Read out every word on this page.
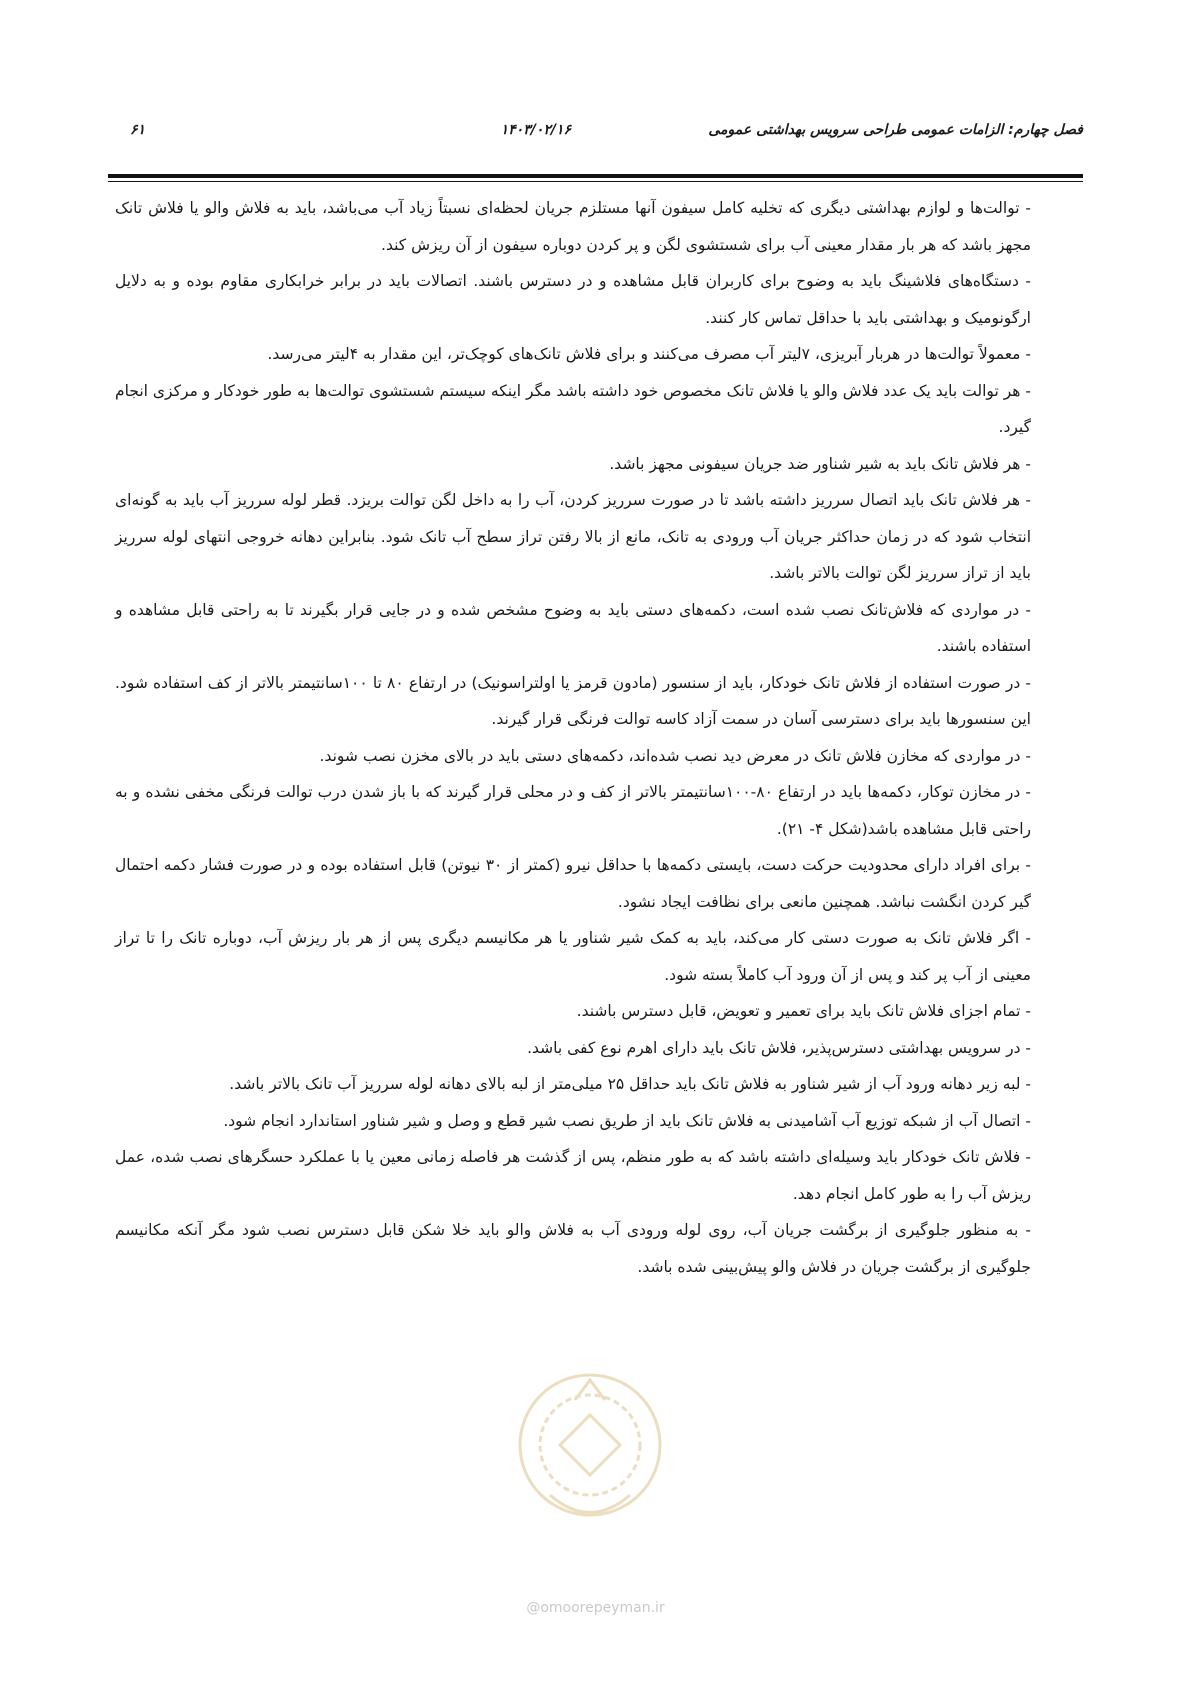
فصل چهارم: الزامات عمومی طراحی سرویس بهداشتی عمومی
۱۴۰۳/۰۲/۱۶
۶۱

- توالت‌ها و لوازم بهداشتی دیگری که تخلیه کامل سیفون آنها مستلزم جریان لحظه‌ای نسبتاً زیاد آب می‌باشد، باید به فلاش والو یا فلاش تانک مجهز باشد که هر بار مقدار معینی آب برای شستشوی لگن و پر کردن دوباره سیفون از آن ریزش کند.

- دستگاه‌های فلاشینگ باید به وضوح برای کاربران قابل مشاهده و در دسترس باشند. اتصالات باید در برابر خرابکاری مقاوم بوده و به دلایل ارگونومیک و بهداشتی باید با حداقل تماس کار کنند.

- معمولاً توالت‌ها در هربار آبریزی، ۷لیتر آب مصرف می‌کنند و برای فلاش تانک‌های کوچک‌تر، این مقدار به ۴لیتر می‌رسد.

- هر توالت باید یک عدد فلاش والو یا فلاش تانک مخصوص خود داشته باشد مگر اینکه سیستم شستشوی توالت‌ها به طور خودکار و مرکزی انجام گیرد.

- هر فلاش تانک باید به شیر شناور ضد جریان سیفونی مجهز باشد.

- هر فلاش تانک باید اتصال سرریز داشته باشد تا در صورت سرریز کردن، آب را به داخل لگن توالت بریزد. قطر لوله سرریز آب باید به گونه‌ای انتخاب شود که در زمان حداکثر جریان آب ورودی به تانک، مانع از بالا رفتن تراز سطح آب تانک شود. بنابراین دهانه خروجی انتهای لوله سرریز باید از تراز سرریز لگن توالت بالاتر باشد.

- در مواردی که فلاش‌تانک نصب شده است، دکمه‌های دستی باید به وضوح مشخص شده و در جایی قرار بگیرند تا به راحتی قابل مشاهده و استفاده باشند.

- در صورت استفاده از فلاش تانک خودکار، باید از سنسور (مادون قرمز یا اولتراسونیک) در ارتفاع ۸۰ تا ۱۰۰سانتیمتر بالاتر از کف استفاده شود. این سنسورها باید برای دسترسی آسان در سمت آزاد کاسه توالت فرنگی قرار گیرند.

- در مواردی که مخازن فلاش تانک در معرض دید نصب شده‌اند، دکمه‌های دستی باید در بالای مخزن نصب شوند.

- در مخازن توکار، دکمه‌ها باید در ارتفاع ۸۰-۱۰۰سانتیمتر بالاتر از کف و در محلی قرار گیرند که با باز شدن درب توالت فرنگی مخفی نشده و به راحتی قابل مشاهده باشد(شکل ۴- ۲۱).

- برای افراد دارای محدودیت حرکت دست، بایستی دکمه‌ها با حداقل نیرو (کمتر از ۳۰ نیوتن) قابل استفاده بوده و در صورت فشار دکمه احتمال گیر کردن انگشت نباشد. همچنین مانعی برای نظافت ایجاد نشود.

- اگر فلاش تانک به صورت دستی کار می‌کند، باید به کمک شیر شناور یا هر مکانیسم دیگری پس از هر بار ریزش آب، دوباره تانک را تا تراز معینی از آب پر کند و پس از آن ورود آب کاملاً بسته شود.

- تمام اجزای فلاش تانک باید برای تعمیر و تعویض، قابل دسترس باشند.

- در سرویس بهداشتی دسترس‌پذیر، فلاش تانک باید دارای اهرم نوع کفی باشد.

- لبه زیر دهانه ورود آب از شیر شناور به فلاش تانک باید حداقل ۲۵ میلی‌متر از لبه بالای دهانه لوله سرریز آب تانک بالاتر باشد.

- اتصال آب از شبکه توزیع آب آشامیدنی به فلاش تانک باید از طریق نصب شیر قطع و وصل و شیر شناور استاندارد انجام شود.

- فلاش تانک خودکار باید وسیله‌ای داشته باشد که به طور منظم، پس از گذشت هر فاصله زمانی معین یا با عملکرد حسگرهای نصب شده، عمل ریزش آب را به طور کامل انجام دهد.

- به منظور جلوگیری از برگشت جریان آب، روی لوله ورودی آب به فلاش والو باید خلا شکن قابل دسترس نصب شود مگر آنکه مکانیسم جلوگیری از برگشت جریان در فلاش والو پیش‌بینی شده باشد.

@omoorepeyman.ir
